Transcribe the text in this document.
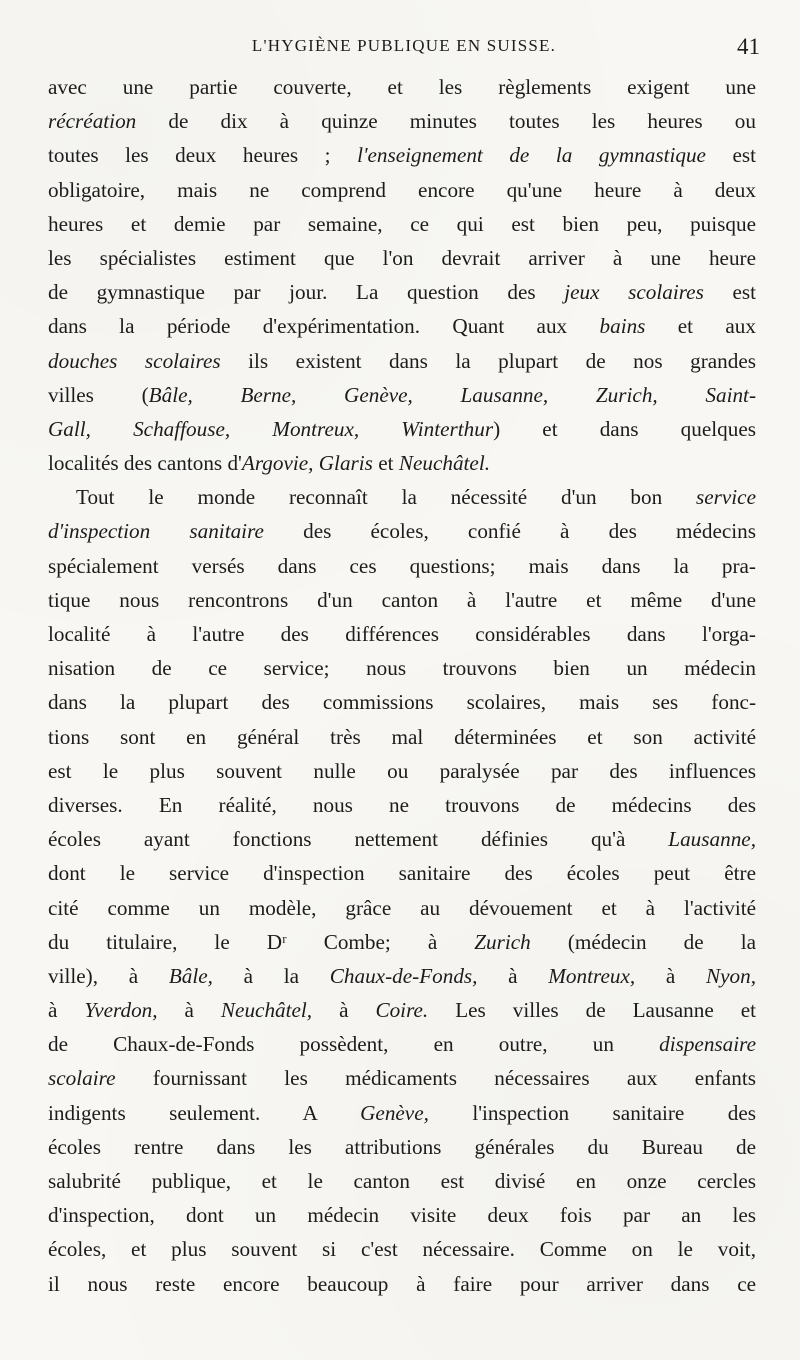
L'HYGIÈNE PUBLIQUE EN SUISSE.	41
avec une partie couverte, et les règlements exigent une
récréation de dix à quinze minutes toutes les heures ou
toutes les deux heures ; l'enseignement de la gymnastique est
obligatoire, mais ne comprend encore qu'une heure à deux
heures et demie par semaine, ce qui est bien peu, puisque
les spécialistes estiment que l'on devrait arriver à une heure
de gymnastique par jour. La question des jeux scolaires est
dans la période d'expérimentation. Quant aux bains et aux
douches scolaires ils existent dans la plupart de nos grandes
villes (Bâle, Berne, Genève, Lausanne, Zurich, Saint-
Gall, Schaffouse, Montreux, Winterthur) et dans quelques
localités des cantons d'Argovie, Glaris et Neuchâtel.
Tout le monde reconnaît la nécessité d'un bon service
d'inspection sanitaire des écoles, confié à des médecins
spécialement versés dans ces questions; mais dans la pra-
tique nous rencontrons d'un canton à l'autre et même d'une
localité à l'autre des différences considérables dans l'orga-
nisation de ce service; nous trouvons bien un médecin
dans la plupart des commissions scolaires, mais ses fonc-
tions sont en général très mal déterminées et son activité
est le plus souvent nulle ou paralysée par des influences
diverses. En réalité, nous ne trouvons de médecins des
écoles ayant fonctions nettement définies qu'à Lausanne,
dont le service d'inspection sanitaire des écoles peut être
cité comme un modèle, grâce au dévouement et à l'activité
du titulaire, le Dʳ Combe; à Zurich (médecin de la
ville), à Bâle, à la Chaux-de-Fonds, à Montreux, à Nyon,
à Yverdon, à Neuchâtel, à Coire. Les villes de Lausanne et
de Chaux-de-Fonds possèdent, en outre, un dispensaire
scolaire fournissant les médicaments nécessaires aux enfants
indigents seulement. A Genève, l'inspection sanitaire des
écoles rentre dans les attributions générales du Bureau de
salubrité publique, et le canton est divisé en onze cercles
d'inspection, dont un médecin visite deux fois par an les
écoles, et plus souvent si c'est nécessaire. Comme on le voit,
il nous reste encore beaucoup à faire pour arriver dans ce
